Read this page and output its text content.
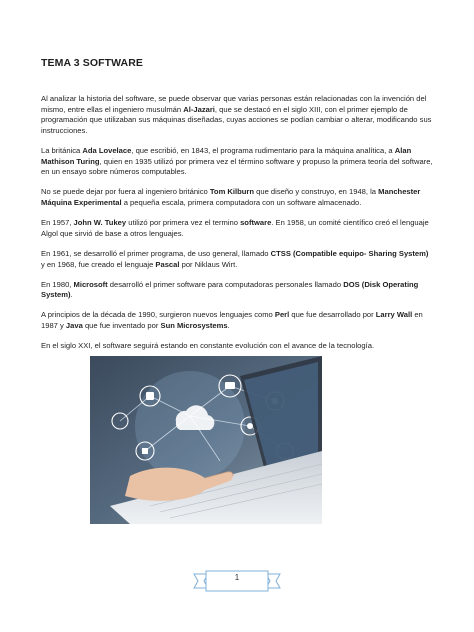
TEMA 3 SOFTWARE

Al analizar la historia del software, se puede observar que varias personas están relacionadas con la invención del mismo, entre ellas el ingeniero musulmán Al-Jazari, que se destacó en el siglo XIII, con el primer ejemplo de programación que utilizaban sus máquinas diseñadas, cuyas acciones se podían cambiar o alterar, modificando sus instrucciones.

La británica Ada Lovelace, que escribió, en 1843, el programa rudimentario para la máquina analítica, a Alan Mathison Turing, quien en 1935 utilizó por primera vez el término software y propuso la primera teoría del software, en un ensayo sobre números computables.

No se puede dejar por fuera al ingeniero británico Tom Kilburn que diseño y construyo, en 1948, la Manchester Máquina Experimental a pequeña escala, primera computadora con un software almacenado.

En 1957, John W. Tukey utilizó por primera vez el termino software. En 1958, un comité científico creó el lenguaje Algol que sirvió de base a otros lenguajes.

En 1961, se desarrolló el primer programa, de uso general, llamado CTSS (Compatible equipo- Sharing System) y en 1968, fue creado el lenguaje Pascal por Niklaus Wirt.

En 1980, Microsoft desarrolló el primer software para computadoras personales llamado DOS (Disk Operating System).

A principios de la década de 1990, surgieron nuevos lenguajes como Perl que fue desarrollado por Larry Wall en 1987 y Java que fue inventado por Sun Microsystems.

En el siglo XXI, el software seguirá estando en constante evolución con el avance de la tecnología.

1
